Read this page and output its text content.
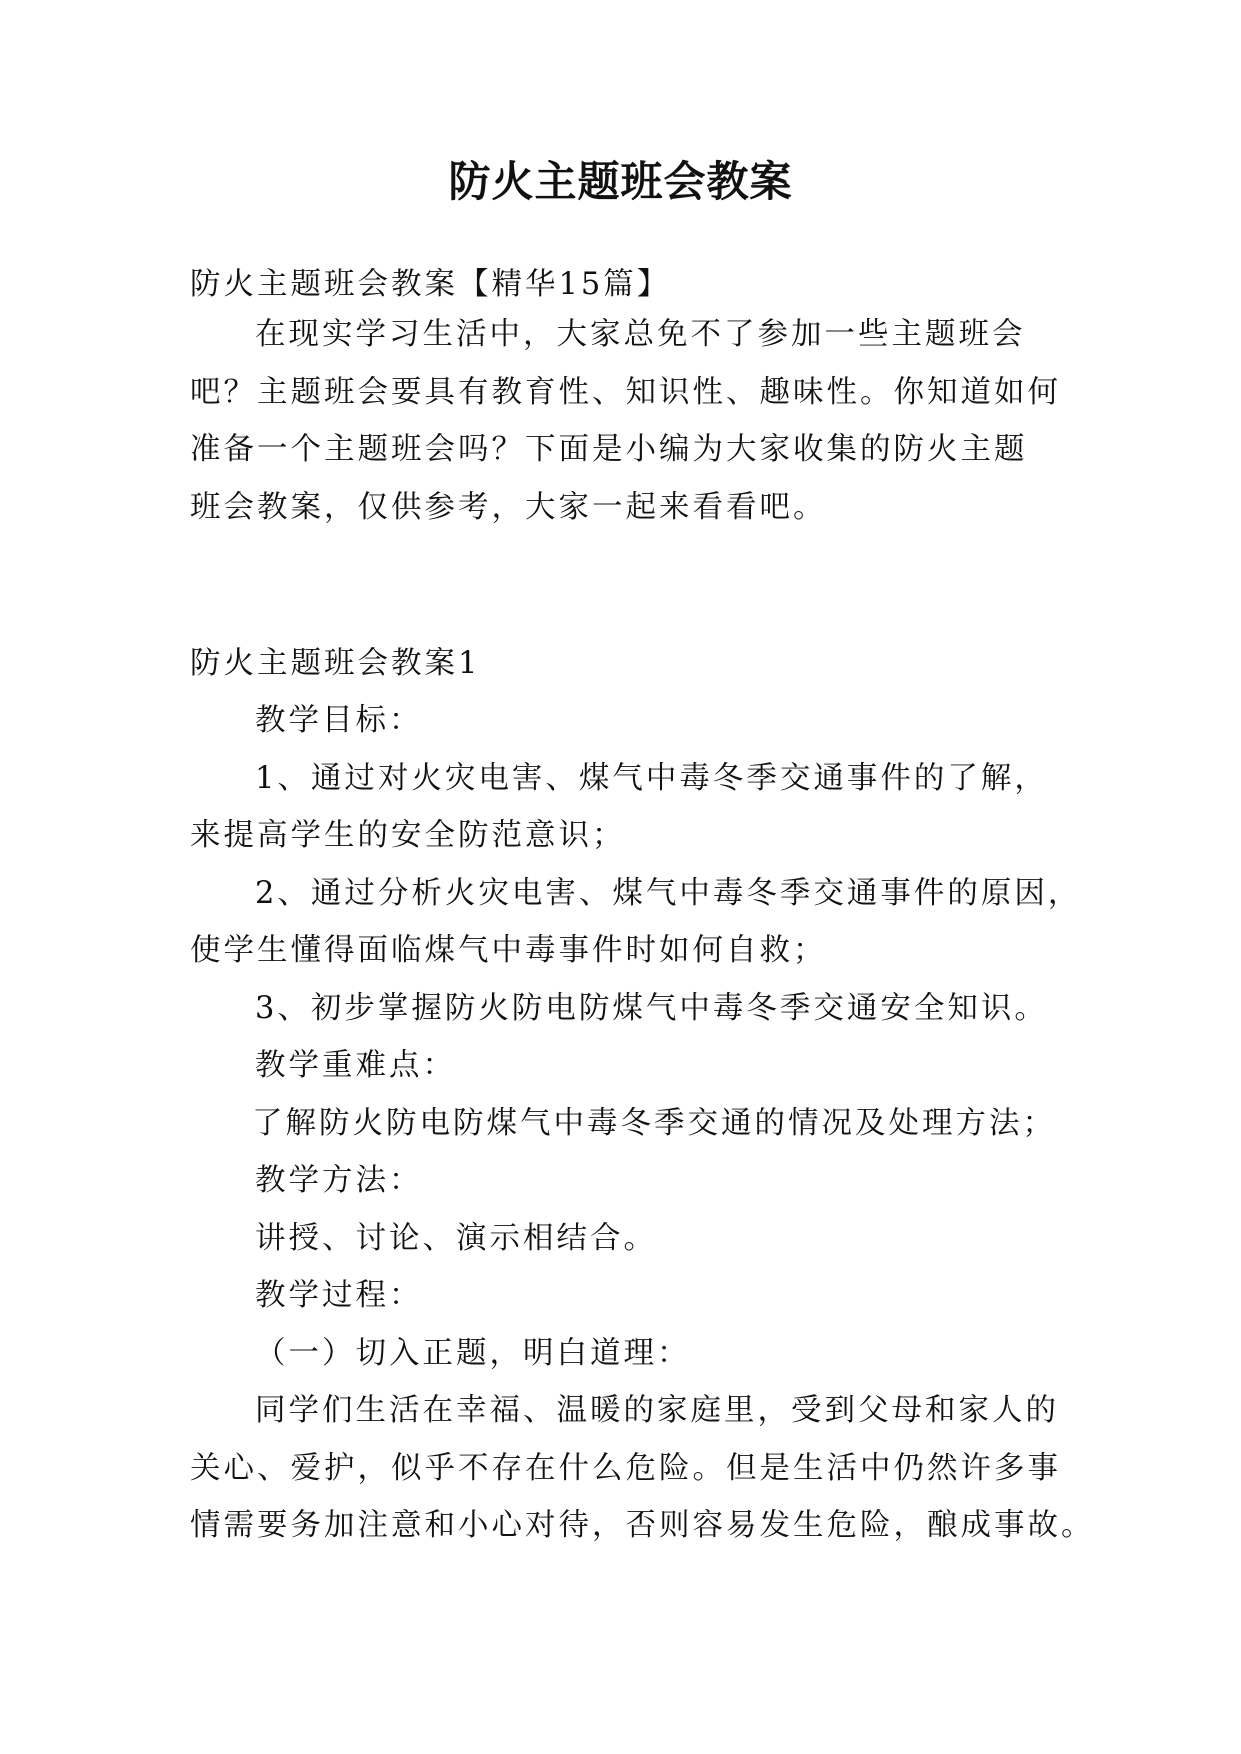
防火主题班会教案
防火主题班会教案【精华15篇】
在现实学习生活中，大家总免不了参加一些主题班会
吧？主题班会要具有教育性、知识性、趣味性。你知道如何
准备一个主题班会吗？下面是小编为大家收集的防火主题
班会教案，仅供参考，大家一起来看看吧。
防火主题班会教案1
教学目标：
1、通过对火灾电害、煤气中毒冬季交通事件的了解，
来提高学生的安全防范意识；
2、通过分析火灾电害、煤气中毒冬季交通事件的原因，
使学生懂得面临煤气中毒事件时如何自救；
3、初步掌握防火防电防煤气中毒冬季交通安全知识。
教学重难点：
了解防火防电防煤气中毒冬季交通的情况及处理方法；
教学方法：
讲授、讨论、演示相结合。
教学过程：
（一）切入正题，明白道理：
同学们生活在幸福、温暖的家庭里，受到父母和家人的
关心、爱护，似乎不存在什么危险。但是生活中仍然许多事
情需要务加注意和小心对待，否则容易发生危险，酿成事故。
